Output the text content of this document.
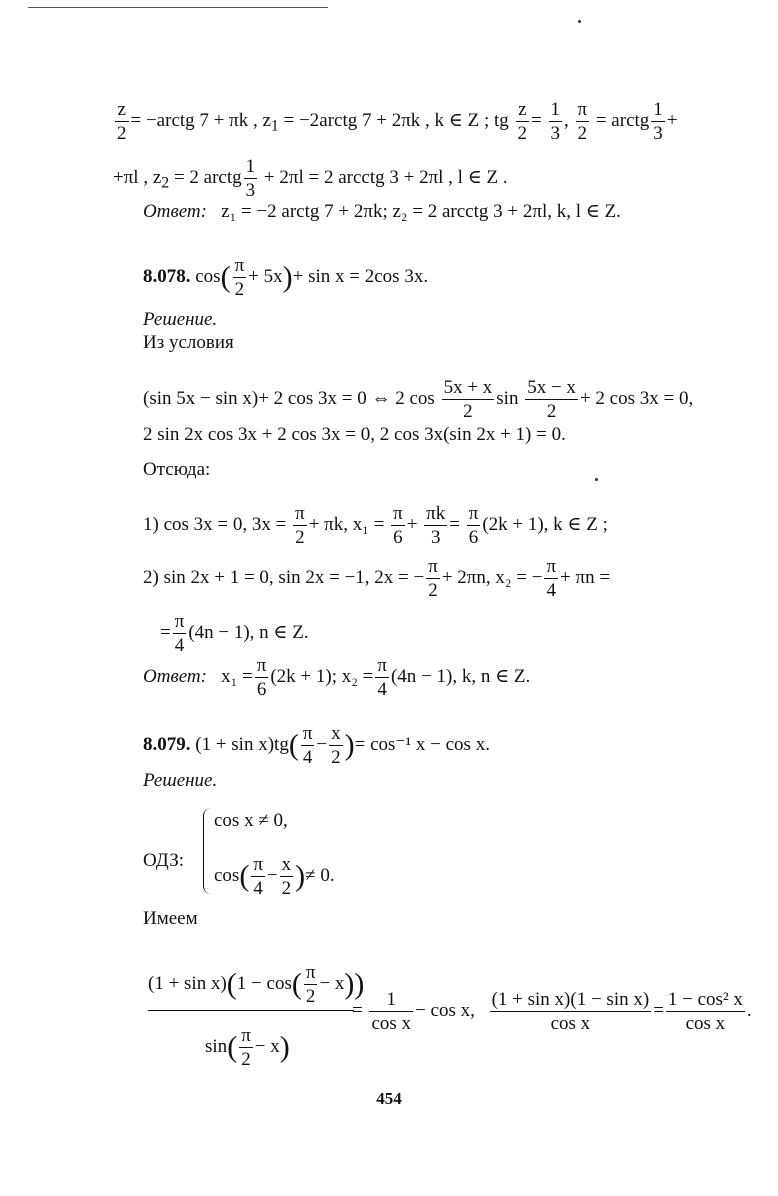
$\frac{z}{2}$ = −arctg 7 + πk , $z_1$ = −2arctg 7 + 2πk , k ∈ Z ; tg $\frac{z}{2} = \frac{1}{3}$ , $\frac{\pi}{2}$ = arctg $\frac{1}{3}$ +
+πl , $z_2 = 2$ arctg $\frac{1}{3} + 2\pi l = 2$ arcctg 3 + 2πl , l ∈ Z .
Ответ: z₁ = −2 arctg 7 + 2πk; z₂ = 2 arcctg 3 + 2πl, k, l ∈ Z.
8.078. $\cos( \frac{\pi}{2} + 5x)+ \sin x = 2\cos$ 3x.
Решение.
Из условия
(sin 5x − sin x)+ 2 cos 3x = 0 ⇔ 2 $\cos \frac{5x + x}{2}$ $\sin \frac{5x - x}{2} + 2$ cos 3x = 0,
2 sin 2x cos 3x + 2 cos 3x = 0, 2 cos 3x(sin 2x + 1) = 0.
Отсюда:
1) cos 3x = 0, $3x = \frac{\pi}{2} + \pi k$, $x_1 = \frac{\pi}{6} + \frac{\pi k}{3} = \frac{\pi}{6} (2k + 1)$, k ∈ Z ;
2) sin 2x + 1 = 0, sin 2x = −1, 2x = − $\frac{\pi}{2} + 2\pi n$, x₂ = − $\frac{\pi}{4} + \pi n$ =
= $\frac{\pi}{4} (4n - 1)$, n ∈ Z.
Ответ: $x_1 = \frac{\pi}{6} (2k + 1)$; $x_2 = \frac{\pi}{4} (4n - 1)$, k, n ∈ Z.
8.079. $(1 + \sin x)tg( \frac{\pi}{4} - \frac{x}{2}$ )= cos⁻¹ x − cos x.
Решение.
ОДЗ:
cos x ≠ 0,
$\cos( \frac{\pi}{4} - \frac{x}{2}$ )≠ 0.
Имеем
$(1 + \sin x)(1 - \cos( \frac{\pi}{2} - x))$
$\sin( \frac{\pi}{2} - x)$
= $\frac{1}{\text{cos x}} - \cos x$, $\frac{\text{(1 + sin x)(1 − sin x)}}{\text{cos x}} = \frac{\text{1 − cos² x}}{\text{cos x}}$ .
454
